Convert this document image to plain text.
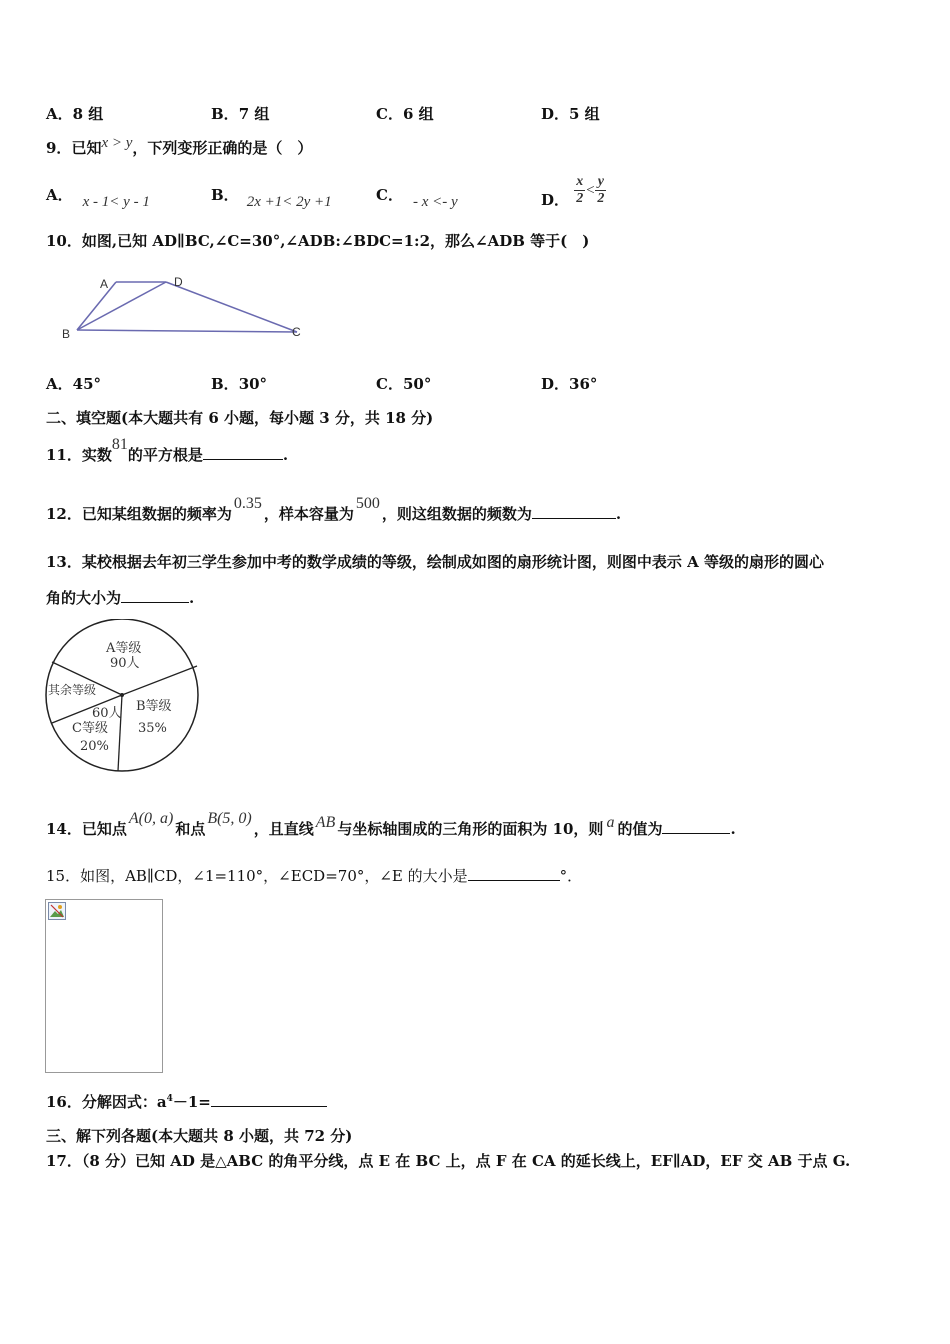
A．8 组	B．7 组	C．6 组	D．5 组
9．已知x > y，下列变形正确的是（　）
A． x - 1< y - 1	B． 2x +1< 2y +1	C． - x <- y	D． $\frac{x}{2} < \frac{y}{2}$
10．如图,已知 AD∥BC,∠C=30°,∠ADB:∠BDC=1:2，那么∠ADB 等于(　)
A	D
B	C
A．45°	B．30°	C．50°	D．36°
二、填空题(本大题共有 6 小题，每小题 3 分，共 18 分)
11．实数81的平方根是	.
12．已知某组数据的频率为0.35，样本容量为500，则这组数据的频数为	.
13．某校根据去年初三学生参加中考的数学成绩的等级，绘制成如图的扇形统计图，则图中表示 A 等级的扇形的圆心
角的大小为	.
A等级
90人
B等级
35%
C等级
20%
其余等级
60人
14．已知点A(0, a)和点B(5, 0)，且直线 AB 与坐标轴围成的三角形的面积为 10，则 a 的值为	.
15．如图，AB∥CD，∠1=110°，∠ECD=70°，∠E 的大小是	°．
16．分解因式：$a^4-1=$
三、解下列各题(本大题共 8 小题，共 72 分)
17．（8 分）已知 AD 是△ABC 的角平分线，点 E 在 BC 上，点 F 在 CA 的延长线上，EF∥AD，EF 交 AB 于点 G.
